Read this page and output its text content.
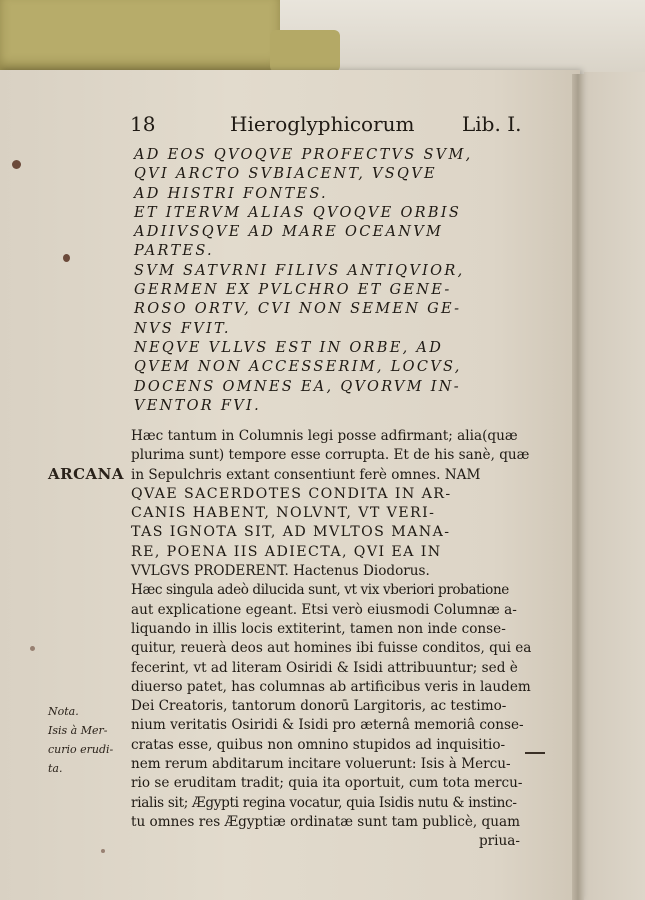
18	Hieroglyphicorum Lib. I.
AD EOS QVOQVE PROFECTVS SVM,
QVI ARCTO SVBIACENT, VSQVE
AD HISTRI FONTES.
ET ITERVM ALIAS QVOQVE ORBIS
ADIIVSQVE AD MARE OCEANVM
PARTES.
SVM SATVRNI FILIVS ANTIQVIOR,
GERMEN EX PVLCHRO ET GENE-
ROSO ORTV, CVI NON SEMEN GE-
NVS FVIT.
NEQVE VLLVS EST IN ORBE, AD
QVEM NON ACCESSERIM, LOCVS,
DOCENS OMNES EA, QVORVM IN-
VENTOR FVI.
Hæc tantum in Columnis legi posse adfirmant; alia(quæ
plurima sunt) tempore esse corrupta. Et de his sanè, quæ
in Sepulchris extant consentiunt ferè omnes. NAM
QVAE SACERDOTES CONDITA IN AR-
CANIS HABENT, NOLVNT, VT VERI-
TAS IGNOTA SIT, AD MVLTOS MANA-
RE, POENA IIS ADIECTA, QVI EA IN
VVLGVS PRODERENT. Hactenus Diodorus.
Hæc singula adeò dilucida sunt, vt vix vberiori probatione
aut explicatione egeant. Etsi verò eiusmodi Columnæ a-
liquando in illis locis extiterint, tamen non inde conse-
quitur, reuerà deos aut homines ibi fuisse conditos, qui ea
fecerint, vt ad literam Osiridi & Isidi attribuuntur; sed è
diuerso patet, has columnas ab artificibus veris in laudem
Dei Creatoris, tantorum donorū Largitoris, ac testimo-
nium veritatis Osiridi & Isidi pro æternâ memoriâ conse-
cratas esse, quibus non omnino stupidos ad inquisitio-
nem rerum abditarum incitare voluerunt: Isis à Mercu-
rio se eruditam tradit; quia ita oportuit, cum tota mercu-
rialis sit; Ægypti regina vocatur, quia Isidis nutu & instinc-
tu omnes res Ægyptiæ ordinatæ sunt tam publicè, quam
priua-
ARCANA
Nota.
Isis à Mer-
curio erudi-
ta.
